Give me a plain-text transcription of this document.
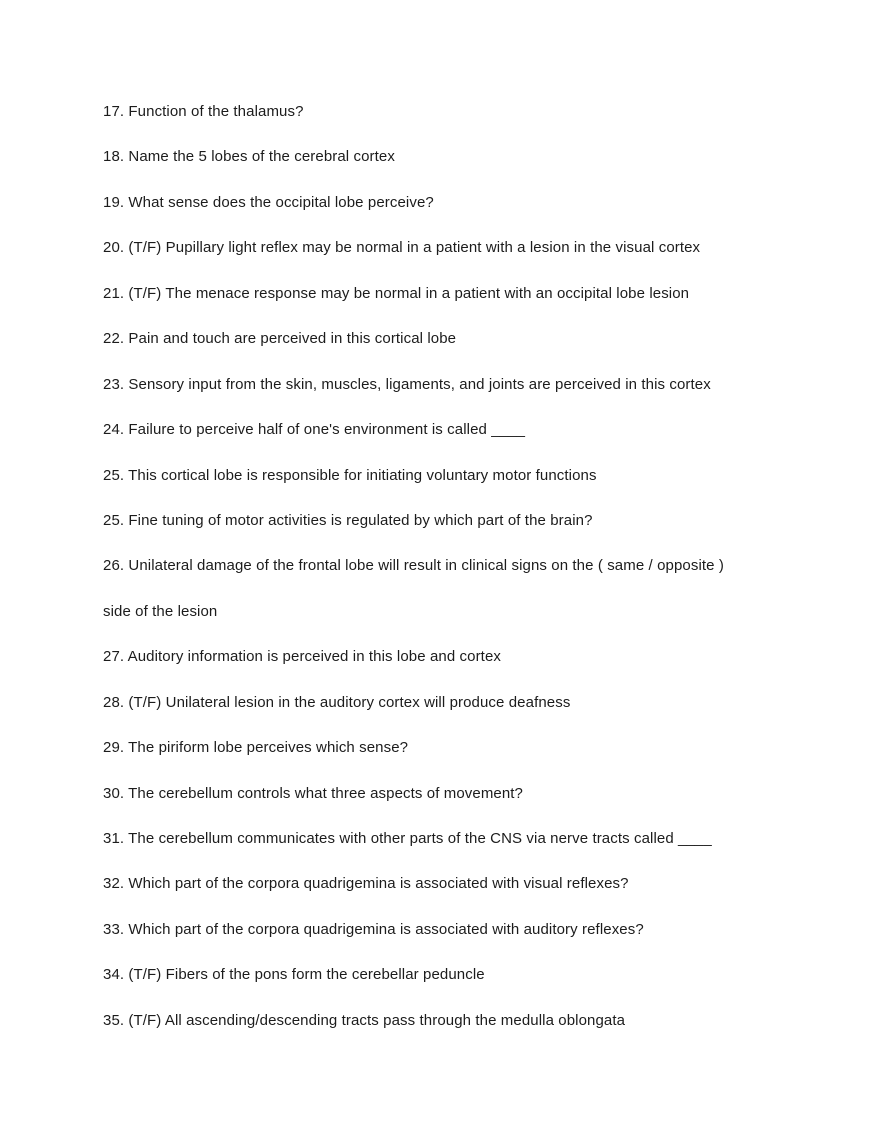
17. Function of the thalamus?

18. Name the 5 lobes of the cerebral cortex

19. What sense does the occipital lobe perceive?

20. (T/F) Pupillary light reflex may be normal in a patient with a lesion in the visual cortex

21. (T/F) The menace response may be normal in a patient with an occipital lobe lesion

22. Pain and touch are perceived in this cortical lobe

23. Sensory input from the skin, muscles, ligaments, and joints are perceived in this cortex

24. Failure to perceive half of one's environment is called ____

25. This cortical lobe is responsible for initiating voluntary motor functions

25. Fine tuning of motor activities is regulated by which part of the brain?

26. Unilateral damage of the frontal lobe will result in clinical signs on the ( same / opposite )

side of the lesion

27. Auditory information is perceived in this lobe and cortex

28. (T/F) Unilateral lesion in the auditory cortex will produce deafness

29. The piriform lobe perceives which sense?

30. The cerebellum controls what three aspects of movement?

31. The cerebellum communicates with other parts of the CNS via nerve tracts called ____

32. Which part of the corpora quadrigemina is associated with visual reflexes?

33. Which part of the corpora quadrigemina is associated with auditory reflexes?

34. (T/F) Fibers of the pons form the cerebellar peduncle

35. (T/F) All ascending/descending tracts pass through the medulla oblongata
